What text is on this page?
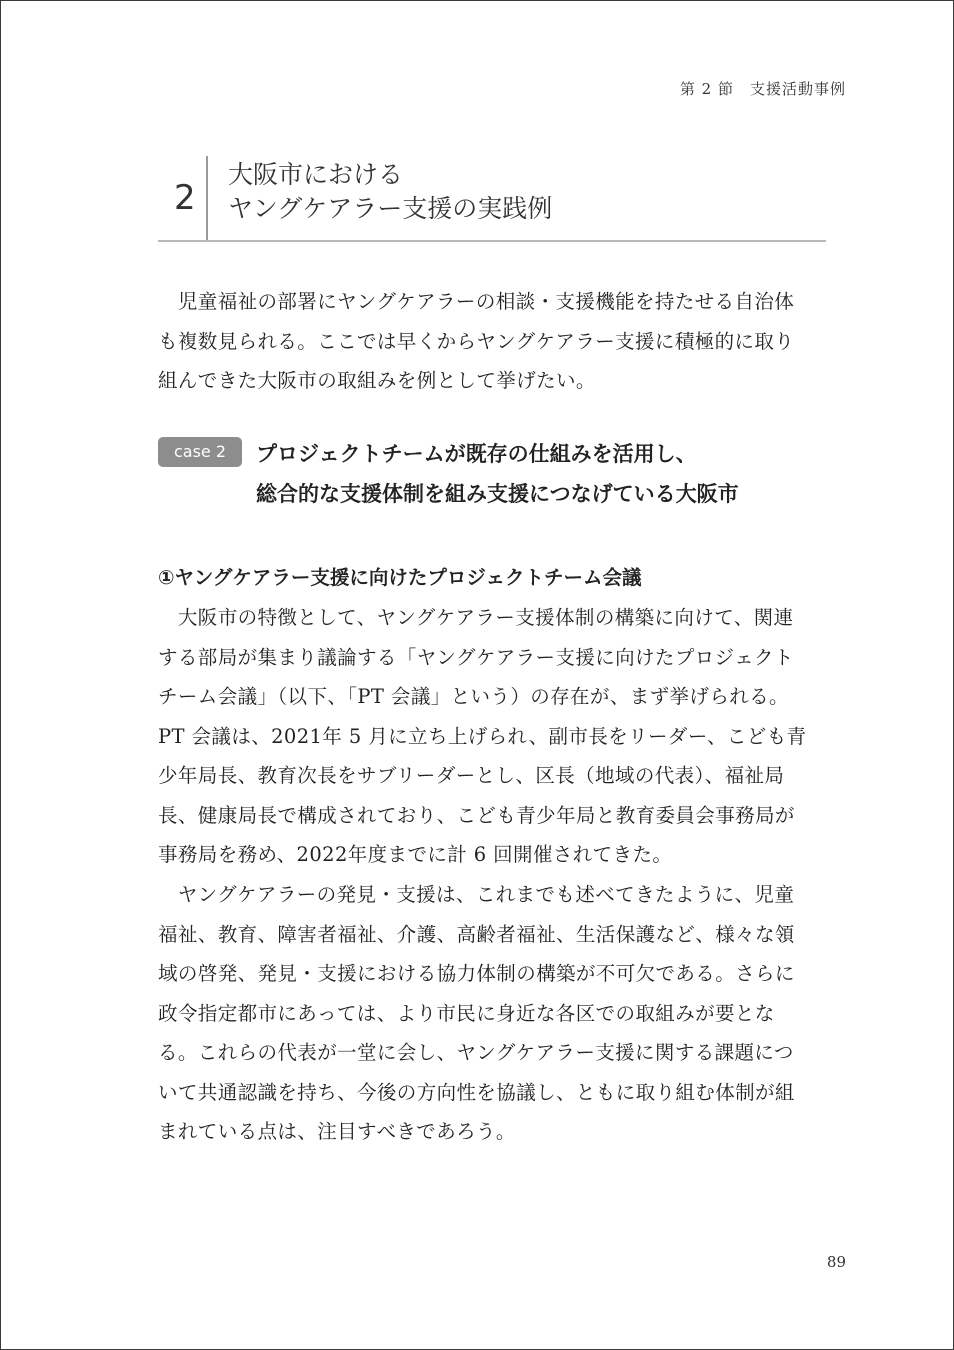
第 2 節　支援活動事例
2
大阪市における
ヤングケアラー支援の実践例
　児童福祉の部署にヤングケアラーの相談・支援機能を持たせる自治体
も複数見られる。ここでは早くからヤングケアラー支援に積極的に取り
組んできた大阪市の取組みを例として挙げたい。
case 2	プロジェクトチームが既存の仕組みを活用し、
総合的な支援体制を組み支援につなげている大阪市
①ヤングケアラー支援に向けたプロジェクトチーム会議
　大阪市の特徴として、ヤングケアラー支援体制の構築に向けて、関連
する部局が集まり議論する「ヤングケアラー支援に向けたプロジェクト
チーム会議」（以下、「PT 会議」という）の存在が、まず挙げられる。
PT 会議は、2021年 5 月に立ち上げられ、副市長をリーダー、こども青
少年局長、教育次長をサブリーダーとし、区長（地域の代表）、福祉局
長、健康局長で構成されており、こども青少年局と教育委員会事務局が
事務局を務め、2022年度までに計 6 回開催されてきた。
　ヤングケアラーの発見・支援は、これまでも述べてきたように、児童
福祉、教育、障害者福祉、介護、高齢者福祉、生活保護など、様々な領
域の啓発、発見・支援における協力体制の構築が不可欠である。さらに
政令指定都市にあっては、より市民に身近な各区での取組みが要とな
る。これらの代表が一堂に会し、ヤングケアラー支援に関する課題につ
いて共通認識を持ち、今後の方向性を協議し、ともに取り組む体制が組
まれている点は、注目すべきであろう。
89
